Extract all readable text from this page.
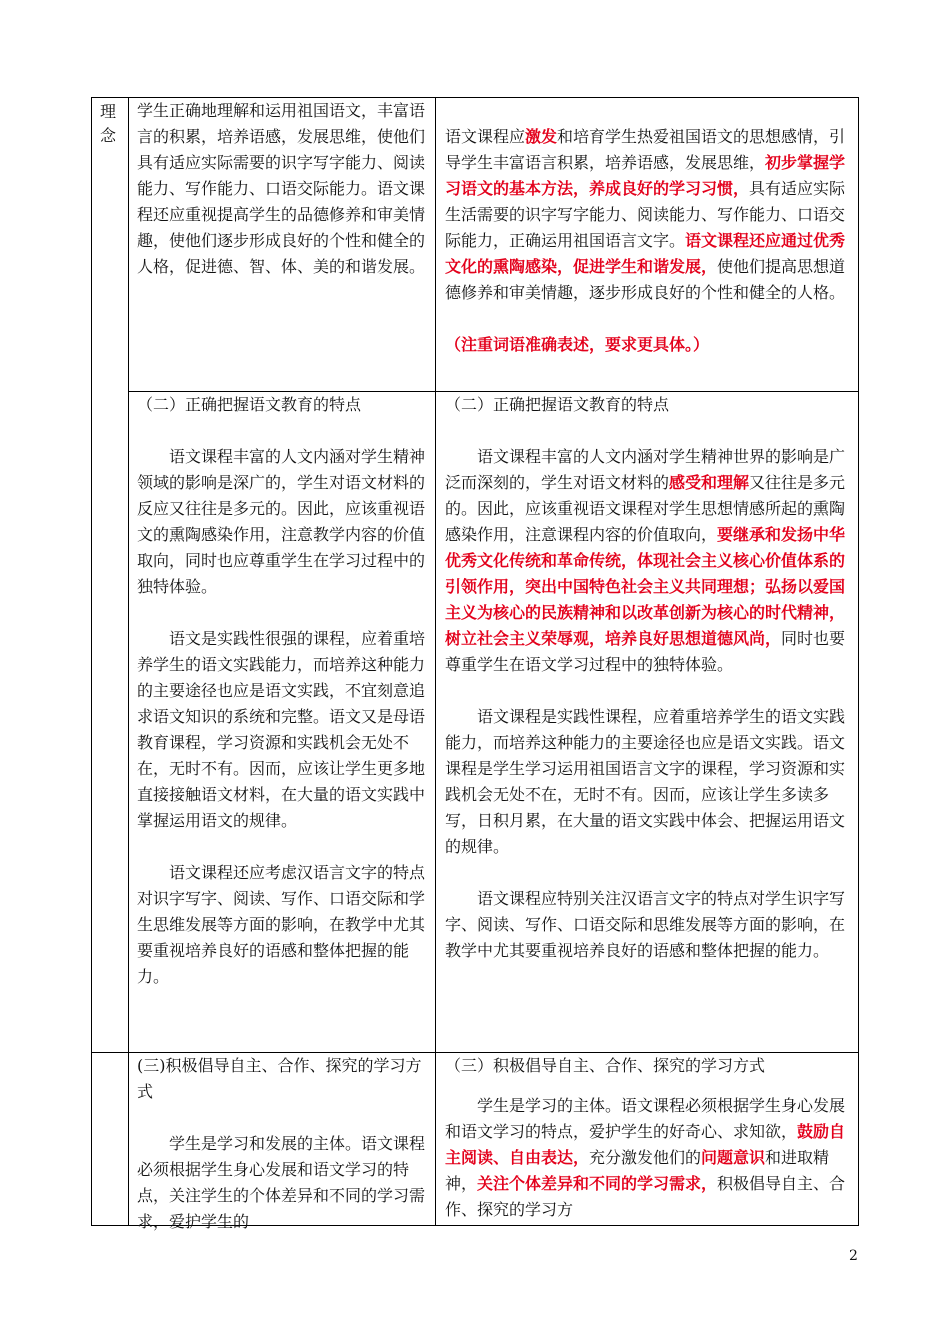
理念

学生正确地理解和运用祖国语文，丰富语言的积累，培养语感，发展思维，使他们具有适应实际需要的识字写字能力、阅读能力、写作能力、口语交际能力。语文课程还应重视提高学生的品德修养和审美情趣，使他们逐步形成良好的个性和健全的人格，促进德、智、体、美的和谐发展。

语文课程应激发和培育学生热爱祖国语文的思想感情，引导学生丰富语言积累，培养语感，发展思维，初步掌握学习语文的基本方法，养成良好的学习习惯，具有适应实际生活需要的识字写字能力、阅读能力、写作能力、口语交际能力，正确运用祖国语言文字。语文课程还应通过优秀文化的熏陶感染，促进学生和谐发展，使他们提高思想道德修养和审美情趣，逐步形成良好的个性和健全的人格。

（注重词语准确表述，要求更具体。）

（二）正确把握语文教育的特点

语文课程丰富的人文内涵对学生精神领域的影响是深广的，学生对语文材料的反应又往往是多元的。因此，应该重视语文的熏陶感染作用，注意教学内容的价值取向，同时也应尊重学生在学习过程中的独特体验。

语文是实践性很强的课程，应着重培养学生的语文实践能力，而培养这种能力的主要途径也应是语文实践，不宜刻意追求语文知识的系统和完整。语文又是母语教育课程，学习资源和实践机会无处不在，无时不有。因而，应该让学生更多地直接接触语文材料，在大量的语文实践中掌握运用语文的规律。

语文课程还应考虑汉语言文字的特点对识字写字、阅读、写作、口语交际和学生思维发展等方面的影响，在教学中尤其要重视培养良好的语感和整体把握的能力。

（二）正确把握语文教育的特点

语文课程丰富的人文内涵对学生精神世界的影响是广泛而深刻的，学生对语文材料的感受和理解又往往是多元的。因此，应该重视语文课程对学生思想情感所起的熏陶感染作用，注意课程内容的价值取向，要继承和发扬中华优秀文化传统和革命传统，体现社会主义核心价值体系的引领作用，突出中国特色社会主义共同理想；弘扬以爱国主义为核心的民族精神和以改革创新为核心的时代精神，树立社会主义荣辱观，培养良好思想道德风尚，同时也要尊重学生在语文学习过程中的独特体验。

语文课程是实践性课程，应着重培养学生的语文实践能力，而培养这种能力的主要途径也应是语文实践。语文课程是学生学习运用祖国语言文字的课程，学习资源和实践机会无处不在，无时不有。因而，应该让学生多读多写，日积月累，在大量的语文实践中体会、把握运用语文的规律。

语文课程应特别关注汉语言文字的特点对学生识字写字、阅读、写作、口语交际和思维发展等方面的影响，在教学中尤其要重视培养良好的语感和整体把握的能力。

(三)积极倡导自主、合作、探究的学习方式

学生是学习和发展的主体。语文课程必须根据学生身心发展和语文学习的特点，关注学生的个体差异和不同的学习需求，爱护学生的

（三）积极倡导自主、合作、探究的学习方式

学生是学习的主体。语文课程必须根据学生身心发展和语文学习的特点，爱护学生的好奇心、求知欲，鼓励自主阅读、自由表达，充分激发他们的问题意识和进取精神，关注个体差异和不同的学习需求，积极倡导自主、合作、探究的学习方

2
